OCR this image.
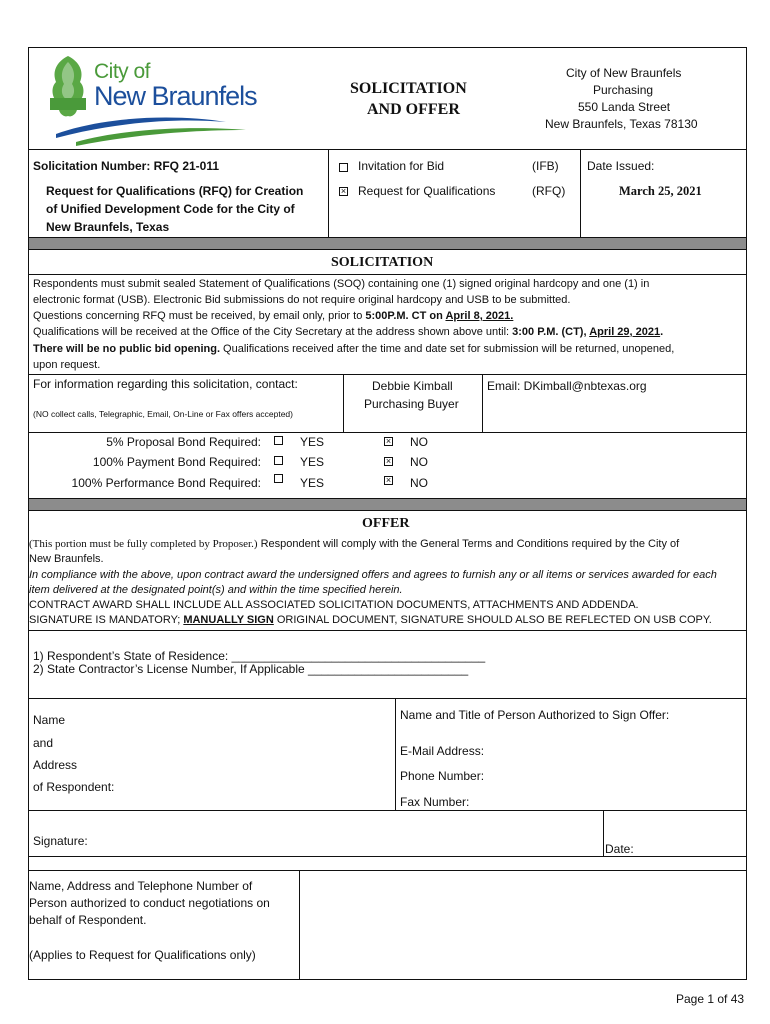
City of
New Braunfels	SOLICITATION
AND OFFER
City of New Braunfels
Purchasing
550 Landa Street
New Braunfels, Texas 78130
Solicitation Number: RFQ 21-011
Request for Qualifications (RFQ) for Creation
of Unified Development Code for the City of
New Braunfels, Texas
Invitation for Bid	(IFB)
× Request for Qualifications	(RFQ)
Date Issued:
March 25, 2021
SOLICITATION
Respondents must submit sealed Statement of Qualifications (SOQ) containing one (1) signed original hardcopy and one (1) in
electronic format (USB). Electronic Bid submissions do not require original hardcopy and USB to be submitted.
Questions concerning RFQ must be received, by email only, prior to 5:00P.M. CT on April 8, 2021.
Qualifications will be received at the Office of the City Secretary at the address shown above until: 3:00 P.M. (CT), April 29, 2021.
There will be no public bid opening. Qualifications received after the time and date set for submission will be returned, unopened,
upon request.
For information regarding this solicitation, contact:
(NO collect calls, Telegraphic, Email, On-Line or Fax offers accepted)
Debbie Kimball
Purchasing Buyer
Email: DKimball@nbtexas.org
5% Proposal Bond Required:	YES	× NO
100% Payment Bond Required:	YES	× NO
100% Performance Bond Required:	YES	× NO
OFFER
(This portion must be fully completed by Proposer.) Respondent will comply with the General Terms and Conditions required by the City of
New Braunfels.
In compliance with the above, upon contract award the undersigned offers and agrees to furnish any or all items or services awarded for each
item delivered at the designated point(s) and within the time specified herein.
CONTRACT AWARD SHALL INCLUDE ALL ASSOCIATED SOLICITATION DOCUMENTS, ATTACHMENTS AND ADDENDA.
SIGNATURE IS MANDATORY; MANUALLY SIGN ORIGINAL DOCUMENT, SIGNATURE SHOULD ALSO BE REFLECTED ON USB COPY.
1) Respondent’s State of Residence: ______________________________________
2) State Contractor’s License Number, If Applicable ________________________
Name
and
Address
of Respondent:
Name and Title of Person Authorized to Sign Offer:
E-Mail Address:
Phone Number:
Fax Number:
Signature:
Date:
Name, Address and Telephone Number of
Person authorized to conduct negotiations on
behalf of Respondent.
(Applies to Request for Qualifications only)
Page 1 of 43
